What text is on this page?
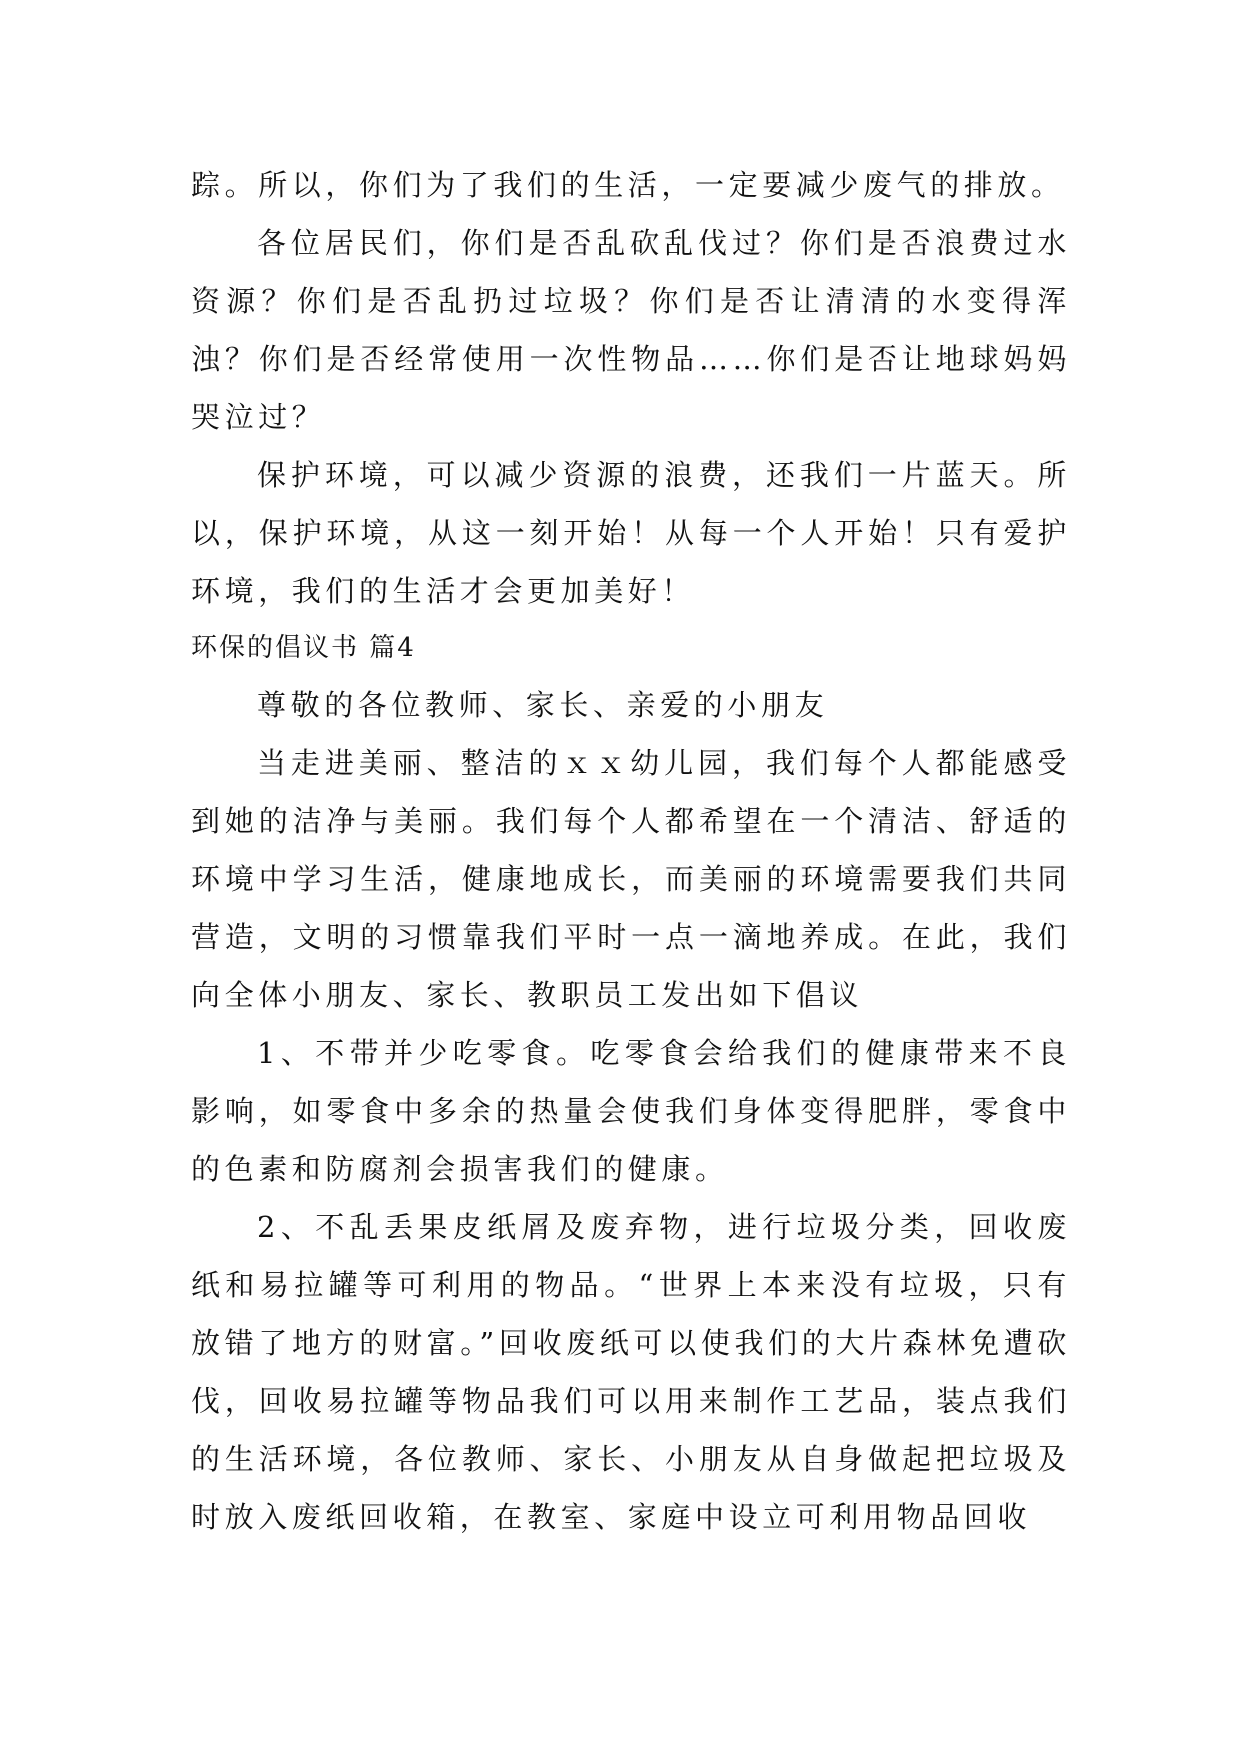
踪。所以，你们为了我们的生活，一定要减少废气的排放。

各位居民们，你们是否乱砍乱伐过？你们是否浪费过水资源？你们是否乱扔过垃圾？你们是否让清清的水变得浑浊？你们是否经常使用一次性物品……你们是否让地球妈妈哭泣过？

保护环境，可以减少资源的浪费，还我们一片蓝天。所以，保护环境，从这一刻开始！从每一个人开始！只有爱护环境，我们的生活才会更加美好！

环保的倡议书 篇4

尊敬的各位教师、家长、亲爱的小朋友

当走进美丽、整洁的ｘｘ幼儿园，我们每个人都能感受到她的洁净与美丽。我们每个人都希望在一个清洁、舒适的环境中学习生活，健康地成长，而美丽的环境需要我们共同营造，文明的习惯靠我们平时一点一滴地养成。在此，我们向全体小朋友、家长、教职员工发出如下倡议

1、不带并少吃零食。吃零食会给我们的健康带来不良影响，如零食中多余的热量会使我们身体变得肥胖，零食中的色素和防腐剂会损害我们的健康。

2、不乱丢果皮纸屑及废弃物，进行垃圾分类，回收废纸和易拉罐等可利用的物品。“世界上本来没有垃圾，只有放错了地方的财富。”回收废纸可以使我们的大片森林免遭砍伐，回收易拉罐等物品我们可以用来制作工艺品，装点我们的生活环境，各位教师、家长、小朋友从自身做起把垃圾及时放入废纸回收箱，在教室、家庭中设立可利用物品回收
